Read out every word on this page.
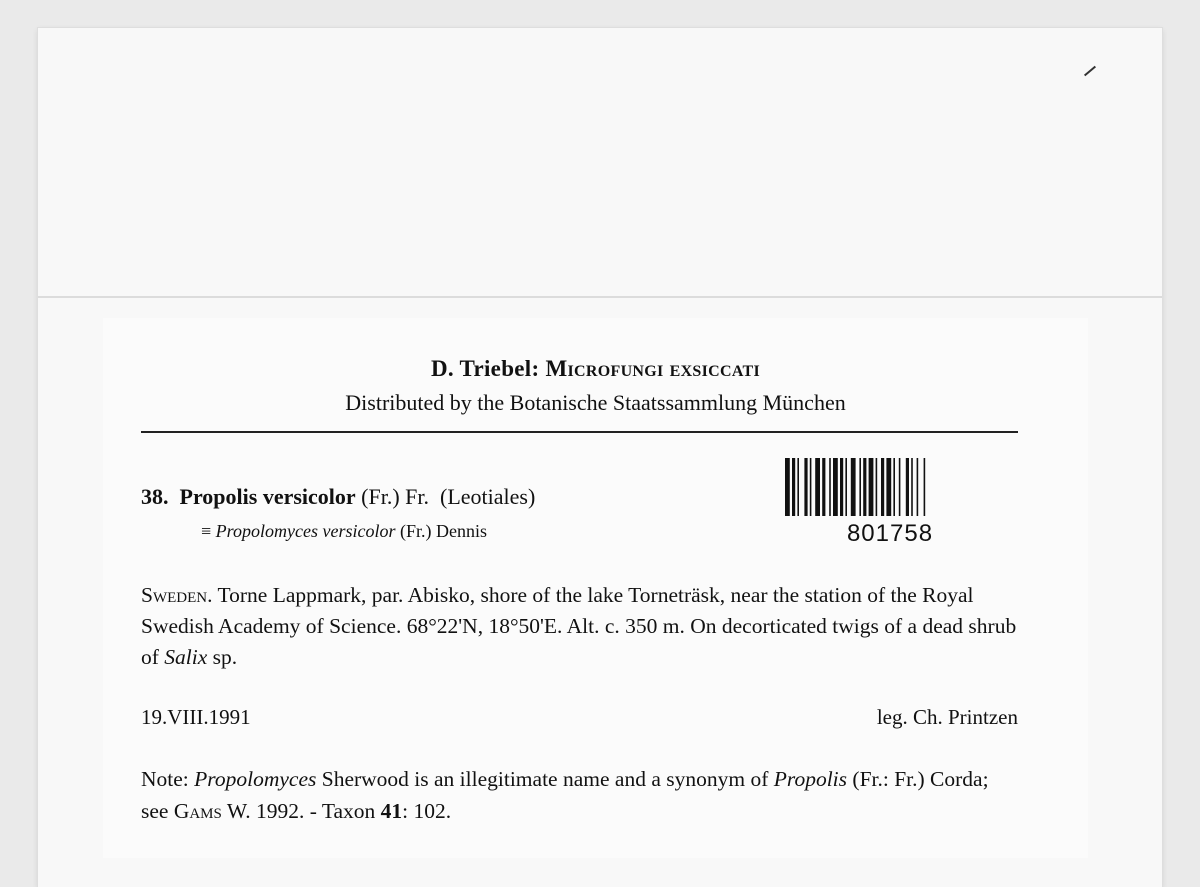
D. Triebel: Microfungi exsiccati
Distributed by the Botanische Staatssammlung München
38. Propolis versicolor (Fr.) Fr. (Leotiales)
≡ Propolomyces versicolor (Fr.) Dennis	801758
Sweden. Torne Lappmark, par. Abisko, shore of the lake Torneträsk, near the station of the Royal Swedish Academy of Science. 68°22'N, 18°50'E. Alt. c. 350 m. On decorticated twigs of a dead shrub of Salix sp.
19.VIII.1991	leg. Ch. Printzen
Note: Propolomyces Sherwood is an illegitimate name and a synonym of Propolis (Fr.: Fr.) Corda; see Gams W. 1992. - Taxon 41: 102.
